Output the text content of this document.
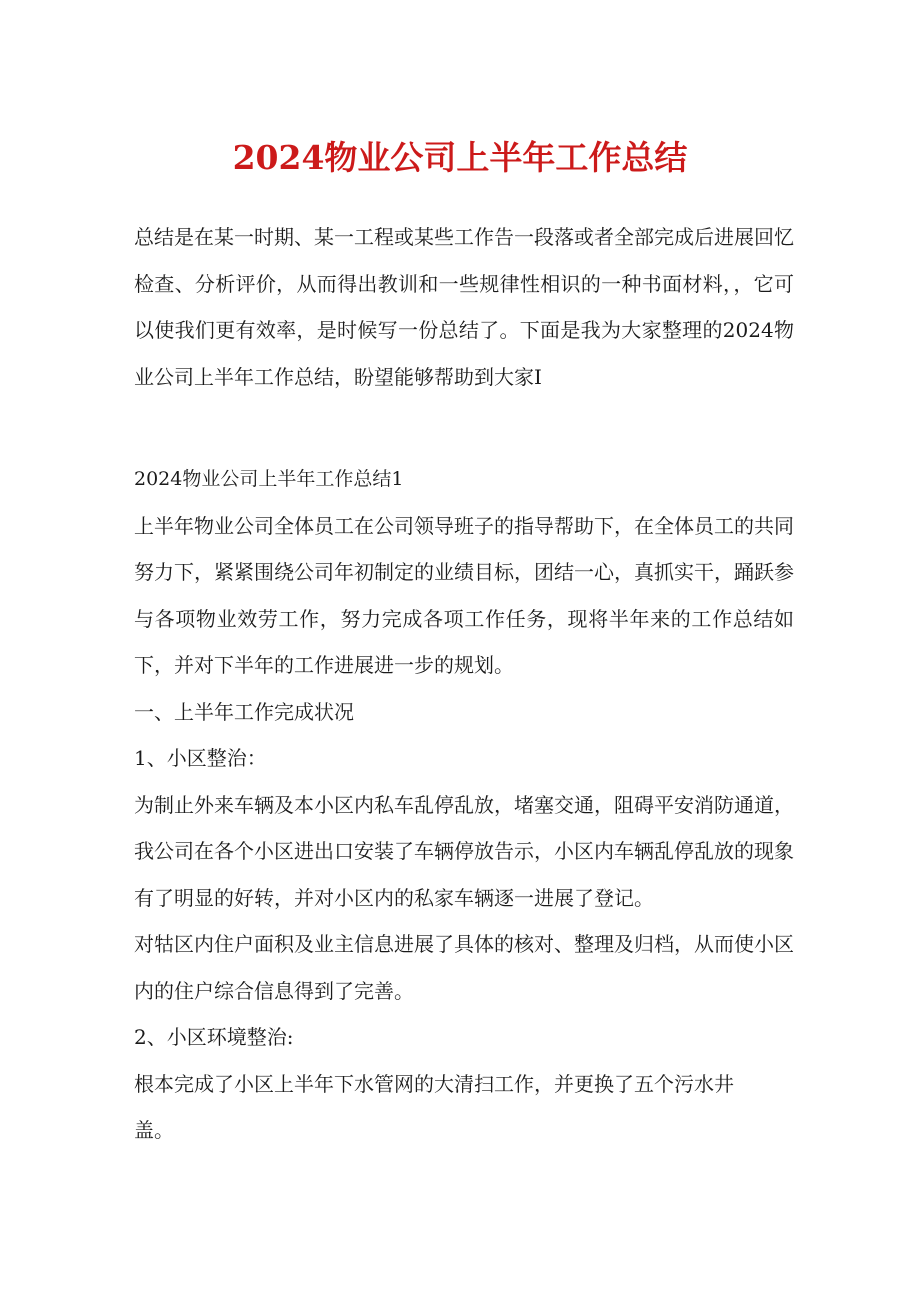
2024物业公司上半年工作总结

总结是在某一时期、某一工程或某些工作告一段落或者全部完成后进展回忆检查、分析评价，从而得出教训和一些规律性相识的一种书面材料，，它可以使我们更有效率，是时候写一份总结了。下面是我为大家整理的2024物业公司上半年工作总结，盼望能够帮助到大家I

2024物业公司上半年工作总结1

上半年物业公司全体员工在公司领导班子的指导帮助下，在全体员工的共同努力下，紧紧围绕公司年初制定的业绩目标，团结一心，真抓实干，踊跃参与各项物业效劳工作，努力完成各项工作任务，现将半年来的工作总结如下，并对下半年的工作进展进一步的规划。

一、上半年工作完成状况

1、小区整治：

为制止外来车辆及本小区内私车乱停乱放，堵塞交通，阻碍平安消防通道，我公司在各个小区进出口安装了车辆停放告示，小区内车辆乱停乱放的现象有了明显的好转，并对小区内的私家车辆逐一进展了登记。

对牯区内住户面积及业主信息进展了具体的核对、整理及归档，从而使小区内的住户综合信息得到了完善。

2、小区环境整治:

根本完成了小区上半年下水管网的大清扫工作，并更换了五个污水井

盖。
